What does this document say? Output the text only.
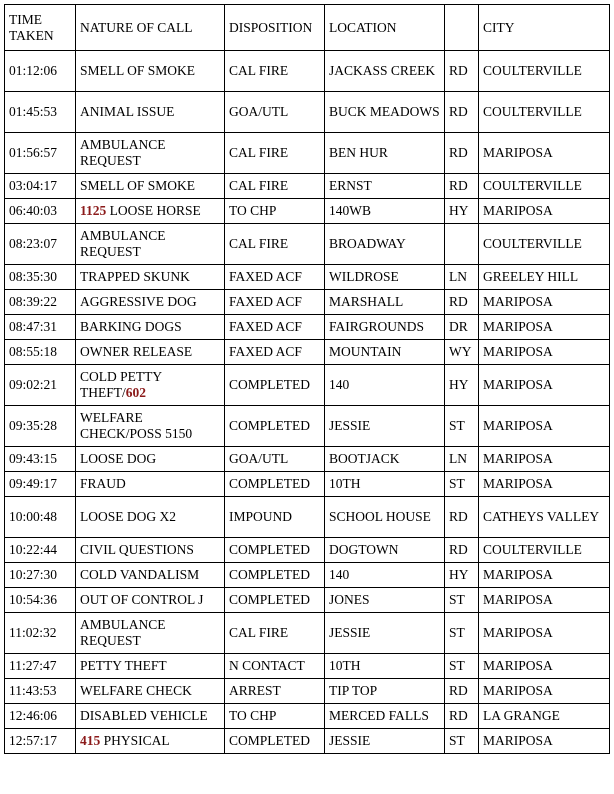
TIME TAKEN	NATURE OF CALL	DISPOSITION	LOCATION		CITY
01:12:06	SMELL OF SMOKE	CAL FIRE	JACKASS CREEK	RD	COULTERVILLE
01:45:53	ANIMAL ISSUE	GOA/UTL	BUCK MEADOWS	RD	COULTERVILLE
01:56:57	AMBULANCE REQUEST	CAL FIRE	BEN HUR	RD	MARIPOSA
03:04:17	SMELL OF SMOKE	CAL FIRE	ERNST	RD	COULTERVILLE
06:40:03	1125 LOOSE HORSE	TO CHP	140WB	HY	MARIPOSA
08:23:07	AMBULANCE REQUEST	CAL FIRE	BROADWAY		COULTERVILLE
08:35:30	TRAPPED SKUNK	FAXED ACF	WILDROSE	LN	GREELEY HILL
08:39:22	AGGRESSIVE DOG	FAXED ACF	MARSHALL	RD	MARIPOSA
08:47:31	BARKING DOGS	FAXED ACF	FAIRGROUNDS	DR	MARIPOSA
08:55:18	OWNER RELEASE	FAXED ACF	MOUNTAIN	WY	MARIPOSA
09:02:21	COLD PETTY THEFT/602	COMPLETED	140	HY	MARIPOSA
09:35:28	WELFARE CHECK/POSS 5150	COMPLETED	JESSIE	ST	MARIPOSA
09:43:15	LOOSE DOG	GOA/UTL	BOOTJACK	LN	MARIPOSA
09:49:17	FRAUD	COMPLETED	10TH	ST	MARIPOSA
10:00:48	LOOSE DOG X2	IMPOUND	SCHOOL HOUSE	RD	CATHEYS VALLEY
10:22:44	CIVIL QUESTIONS	COMPLETED	DOGTOWN	RD	COULTERVILLE
10:27:30	COLD VANDALISM	COMPLETED	140	HY	MARIPOSA
10:54:36	OUT OF CONTROL J	COMPLETED	JONES	ST	MARIPOSA
11:02:32	AMBULANCE REQUEST	CAL FIRE	JESSIE	ST	MARIPOSA
11:27:47	PETTY THEFT	N CONTACT	10TH	ST	MARIPOSA
11:43:53	WELFARE CHECK	ARREST	TIP TOP	RD	MARIPOSA
12:46:06	DISABLED VEHICLE	TO CHP	MERCED FALLS	RD	LA GRANGE
12:57:17	415 PHYSICAL	COMPLETED	JESSIE	ST	MARIPOSA
